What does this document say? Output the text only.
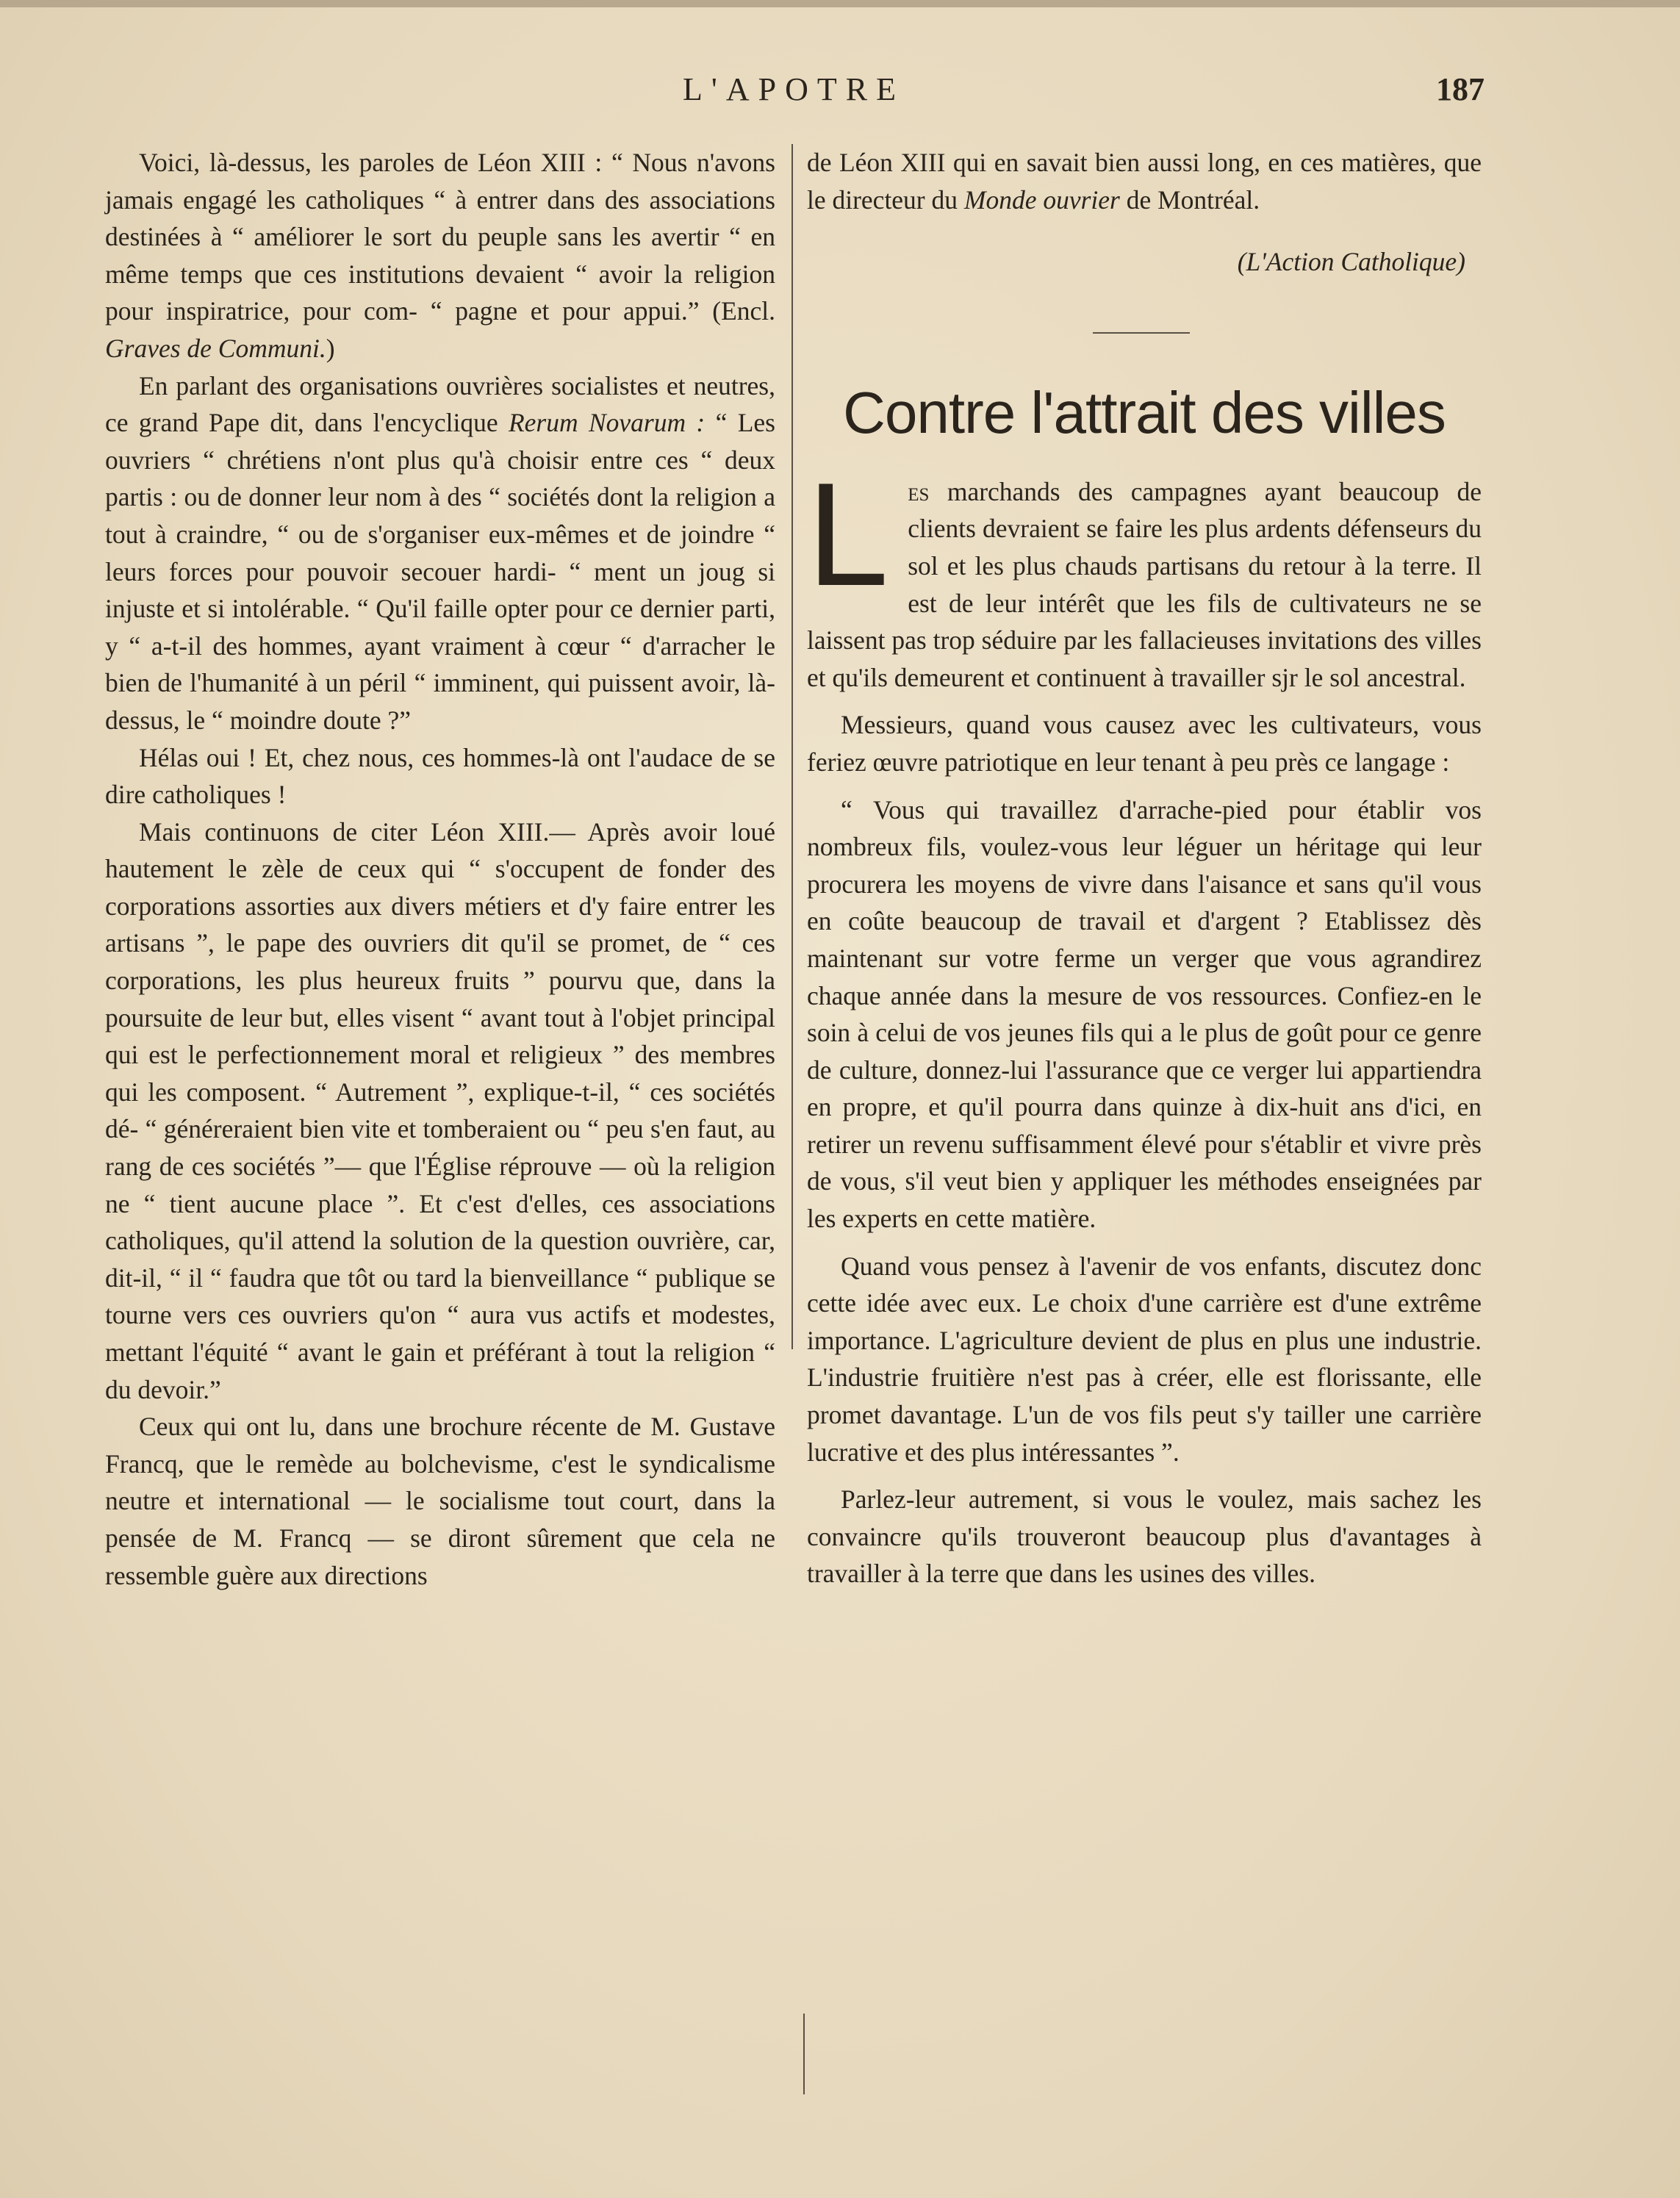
L'APOTRE	187

Voici, là-dessus, les paroles de Léon XIII : “ Nous n'avons jamais engagé les catholiques “ à entrer dans des associations destinées à “ améliorer le sort du peuple sans les avertir “ en même temps que ces institutions devaient “ avoir la religion pour inspiratrice, pour com- “ pagne et pour appui.” (Encl. Graves de Communi.)

En parlant des organisations ouvrières socialistes et neutres, ce grand Pape dit, dans l'encyclique Rerum Novarum : “ Les ouvriers “ chrétiens n'ont plus qu'à choisir entre ces “ deux partis : ou de donner leur nom à des “ sociétés dont la religion a tout à craindre, “ ou de s'organiser eux-mêmes et de joindre “ leurs forces pour pouvoir secouer hardi- “ ment un joug si injuste et si intolérable. “ Qu'il faille opter pour ce dernier parti, y “ a-t-il des hommes, ayant vraiment à cœur “ d'arracher le bien de l'humanité à un péril “ imminent, qui puissent avoir, là-dessus, le “ moindre doute ?”

Hélas oui ! Et, chez nous, ces hommes-là ont l'audace de se dire catholiques !

Mais continuons de citer Léon XIII.— Après avoir loué hautement le zèle de ceux qui “ s'occupent de fonder des corporations assorties aux divers métiers et d'y faire entrer les artisans ”, le pape des ouvriers dit qu'il se promet, de “ ces corporations, les plus heureux fruits ” pourvu que, dans la poursuite de leur but, elles visent “ avant tout à l'objet principal qui est le perfectionnement moral et religieux ” des membres qui les composent. “ Autrement ”, explique-t-il, “ ces sociétés dé- “ généreraient bien vite et tomberaient ou “ peu s'en faut, au rang de ces sociétés ”— que l'Église réprouve — où la religion ne “ tient aucune place ”. Et c'est d'elles, ces associations catholiques, qu'il attend la solution de la question ouvrière, car, dit-il, “ il “ faudra que tôt ou tard la bienveillance “ publique se tourne vers ces ouvriers qu'on “ aura vus actifs et modestes, mettant l'équité “ avant le gain et préférant à tout la religion “ du devoir.”

Ceux qui ont lu, dans une brochure récente de M. Gustave Francq, que le remède au bolchevisme, c'est le syndicalisme neutre et international — le socialisme tout court, dans la pensée de M. Francq — se diront sûrement que cela ne ressemble guère aux directions

de Léon XIII qui en savait bien aussi long, en ces matières, que le directeur du Monde ouvrier de Montréal.

(L'Action Catholique)
Contre l'attrait des villes

Les marchands des campagnes ayant beaucoup de clients devraient se faire les plus ardents défenseurs du sol et les plus chauds partisans du retour à la terre. Il est de leur intérêt que les fils de cultivateurs ne se laissent pas trop séduire par les fallacieuses invitations des villes et qu'ils demeurent et continuent à travailler sjr le sol ancestral.

Messieurs, quand vous causez avec les cultivateurs, vous feriez œuvre patriotique en leur tenant à peu près ce langage :

“ Vous qui travaillez d'arrache-pied pour établir vos nombreux fils, voulez-vous leur léguer un héritage qui leur procurera les moyens de vivre dans l'aisance et sans qu'il vous en coûte beaucoup de travail et d'argent ? Etablissez dès maintenant sur votre ferme un verger que vous agrandirez chaque année dans la mesure de vos ressources. Confiez-en le soin à celui de vos jeunes fils qui a le plus de goût pour ce genre de culture, donnez-lui l'assurance que ce verger lui appartiendra en propre, et qu'il pourra dans quinze à dix-huit ans d'ici, en retirer un revenu suffisamment élevé pour s'établir et vivre près de vous, s'il veut bien y appliquer les méthodes enseignées par les experts en cette matière.

Quand vous pensez à l'avenir de vos enfants, discutez donc cette idée avec eux. Le choix d'une carrière est d'une extrême importance. L'agriculture devient de plus en plus une industrie. L'industrie fruitière n'est pas à créer, elle est florissante, elle promet davantage. L'un de vos fils peut s'y tailler une carrière lucrative et des plus intéressantes ”.

Parlez-leur autrement, si vous le voulez, mais sachez les convaincre qu'ils trouveront beaucoup plus d'avantages à travailler à la terre que dans les usines des villes.
